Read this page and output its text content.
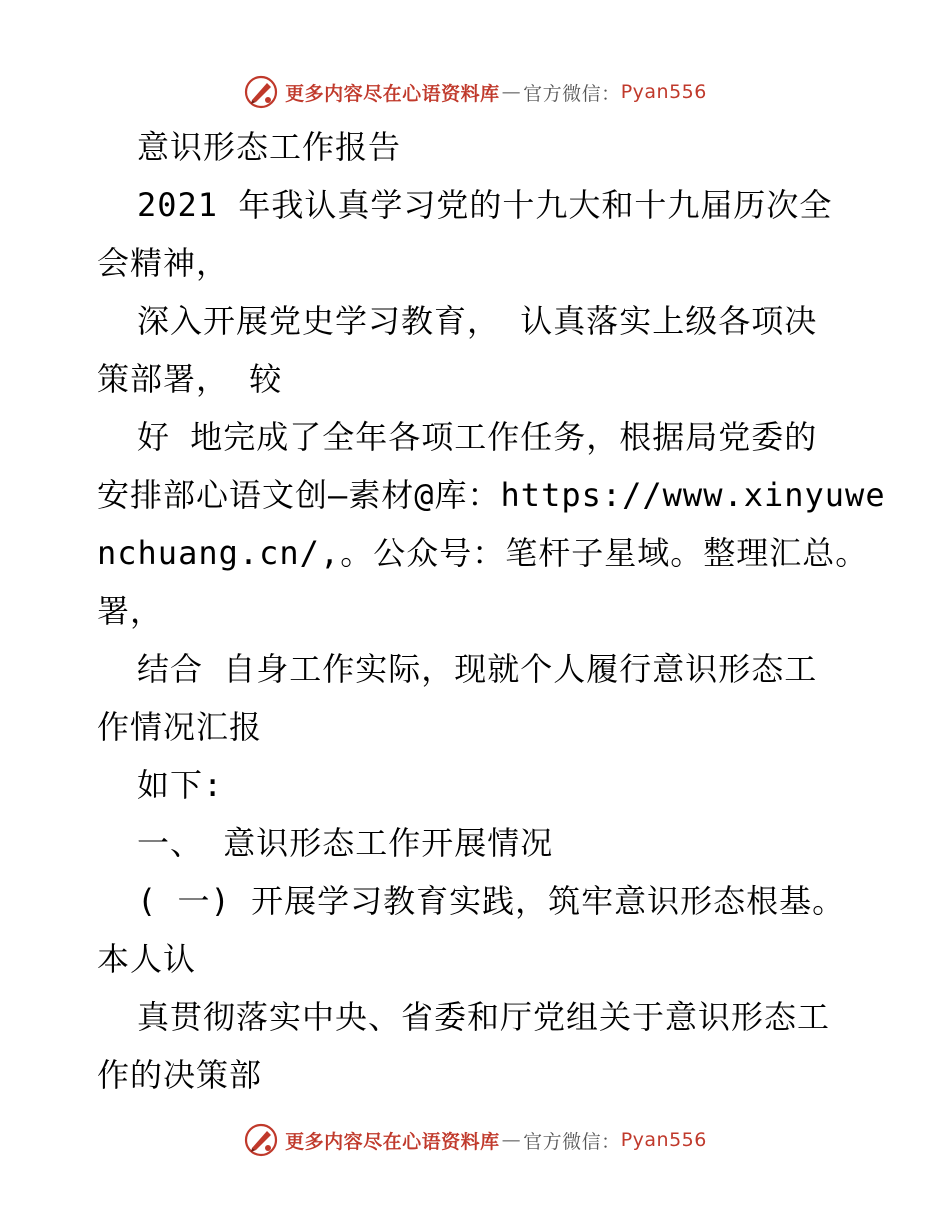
更多内容尽在心语资料库 — 官方微信： Pyan556
意识形态工作报告
2021 年我认真学习党的十九大和十九届历次全
会精神，
深入开展党史学习教育， 认真落实上级各项决
策部署， 较
好 地完成了全年各项工作任务，根据局党委的
安排部心语文创—素材@库：https://www.xinyuwe
nchuang.cn/,。公众号：笔杆子星域。整理汇总。
署，
结合 自身工作实际，现就个人履行意识形态工
作情况汇报
如下:
一、 意识形态工作开展情况
( 一) 开展学习教育实践，筑牢意识形态根基。
本人认
真贯彻落实中央、省委和厅党组关于意识形态工
作的决策部
更多内容尽在心语资料库 — 官方微信： Pyan556
